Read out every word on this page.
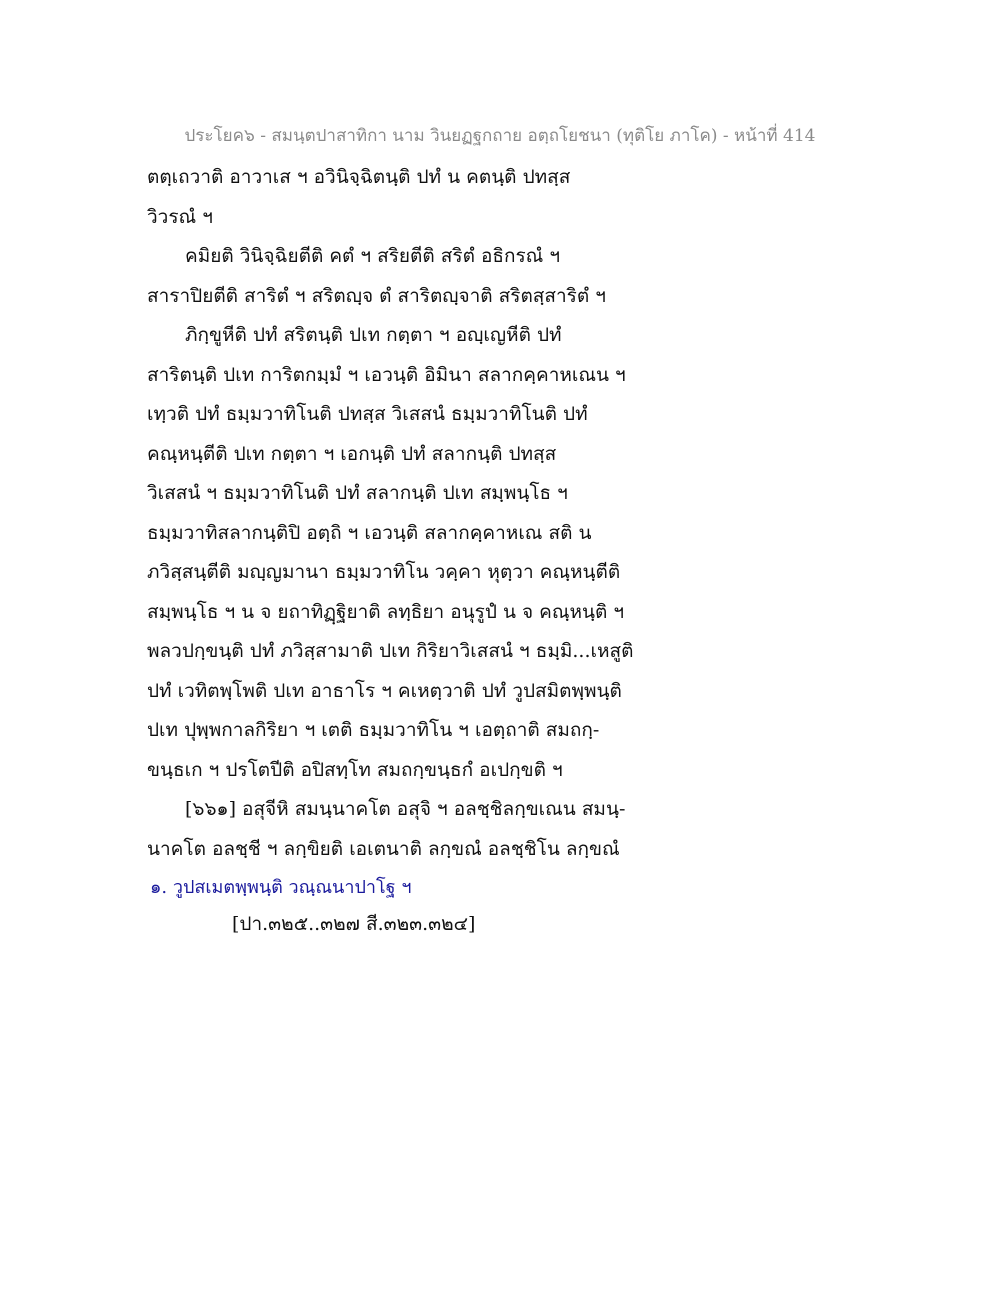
ประโยค๖ - สมนฺตปาสาทิกา นาม วินยฏฐกถาย อตฺถโยชนา (ทุติโย ภาโค) - หน้าที่ 414
ตตฺเถวาติ อาวาเส ฯ อวินิจฺฉิตนฺติ ปทํ น คตนฺติ ปทสฺส
วิวรณํ ฯ
คมิยติ วินิจฺฉิยตีติ คตํ ฯ สริยตีติ สริตํ อธิกรณํ ฯ
สาราปิยตีติ สาริตํ ฯ สริตญฺจ ตํ สาริตญฺจาติ สริตสฺสาริตํ ฯ
ภิกฺขูหีติ ปทํ สริตนฺติ ปเท กตฺตา ฯ อญฺเญหีติ ปทํ
สาริตนฺติ ปเท การิตกมฺมํ ฯ เอวนฺติ อิมินา สลากคฺคาหเณน ฯ
เทฺวติ ปทํ ธมฺมวาทิโนติ ปทสฺส วิเสสนํ ธมฺมวาทิโนติ ปทํ
คณฺหนฺตีติ ปเท กตฺตา ฯ เอกนฺติ ปทํ สลากนฺติ ปทสฺส
วิเสสนํ ฯ ธมฺมวาทิโนติ ปทํ สลากนฺติ ปเท สมฺพนฺโธ ฯ
ธมฺมวาทิสลากนฺติปิ อตฺถิ ฯ เอวนฺติ สลากคฺคาหเณ สติ น
ภวิสฺสนฺตีติ มญฺญมานา ธมฺมวาทิโน วคฺคา หุตฺวา คณฺหนฺตีติ
สมฺพนฺโธ ฯ น จ ยถาทิฏฺฐิยาติ ลทฺธิยา อนุรูปํ น จ คณฺหนฺติ ฯ
พลวปกฺขนฺติ ปทํ ภวิสฺสามาติ ปเท กิริยาวิเสสนํ ฯ ธมฺมิ...เหสูติ
ปทํ เวทิตพฺโพติ ปเท อาธาโร ฯ คเหตฺวาติ ปทํ วูปสมิตพฺพนฺติ
ปเท ปุพฺพกาลกิริยา ฯ เตติ ธมฺมวาทิโน ฯ เอตฺถาติ สมถกฺ-
ขนฺธเก ฯ ปรโตปีติ อปิสทฺโท สมถกฺขนฺธกํ อเปกฺขติ ฯ
[๖๖๑] อสุจีหิ สมนฺนาคโต อสุจิ ฯ อลชฺชิลกฺขเณน สมนฺ-
นาคโต อลชฺชี ฯ ลกฺขิยติ เอเตนาติ ลกฺขณํ อลชฺชิโน ลกฺขณํ
๑. วูปสเมตพฺพนฺติ วณฺณนาปาโฐ ฯ
[ปา.๓๒๕..๓๒๗ สี.๓๒๓.๓๒๔]
